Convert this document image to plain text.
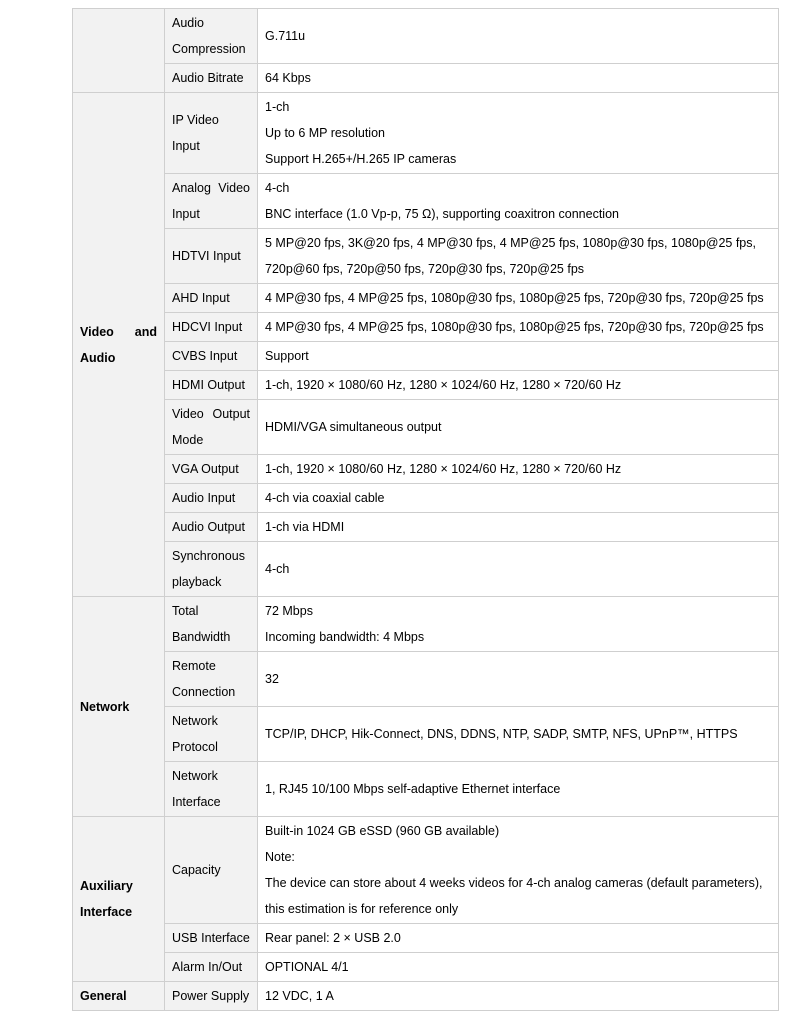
	Audio Compression	G.711u

	Audio Bitrate	64 Kbps

Video and Audio	IP Video Input	1-ch
Up to 6 MP resolution
Support H.265+/H.265 IP cameras

	Analog Video Input	4-ch
BNC interface (1.0 Vp-p, 75 Ω), supporting coaxitron connection

	HDTVI Input	5 MP@20 fps, 3K@20 fps, 4 MP@30 fps, 4 MP@25 fps, 1080p@30 fps, 1080p@25 fps, 720p@60 fps, 720p@50 fps, 720p@30 fps, 720p@25 fps

	AHD Input	4 MP@30 fps, 4 MP@25 fps, 1080p@30 fps, 1080p@25 fps, 720p@30 fps, 720p@25 fps

	HDCVI Input	4 MP@30 fps, 4 MP@25 fps, 1080p@30 fps, 1080p@25 fps, 720p@30 fps, 720p@25 fps

	CVBS Input	Support

	HDMI Output	1-ch, 1920 × 1080/60 Hz, 1280 × 1024/60 Hz, 1280 × 720/60 Hz

	Video Output Mode	HDMI/VGA simultaneous output

	VGA Output	1-ch, 1920 × 1080/60 Hz, 1280 × 1024/60 Hz, 1280 × 720/60 Hz

	Audio Input	4-ch via coaxial cable

	Audio Output	1-ch via HDMI

	Synchronous playback	4-ch

Network	Total Bandwidth	72 Mbps
Incoming bandwidth: 4 Mbps

	Remote Connection	32

	Network Protocol	TCP/IP, DHCP, Hik-Connect, DNS, DDNS, NTP, SADP, SMTP, NFS, UPnP™, HTTPS

	Network Interface	1, RJ45 10/100 Mbps self-adaptive Ethernet interface

Auxiliary Interface	Capacity	Built-in 1024 GB eSSD (960 GB available)
Note:
The device can store about 4 weeks videos for 4-ch analog cameras (default parameters), this estimation is for reference only

	USB Interface	Rear panel: 2 × USB 2.0

	Alarm In/Out	OPTIONAL 4/1

General	Power Supply	12 VDC, 1 A
